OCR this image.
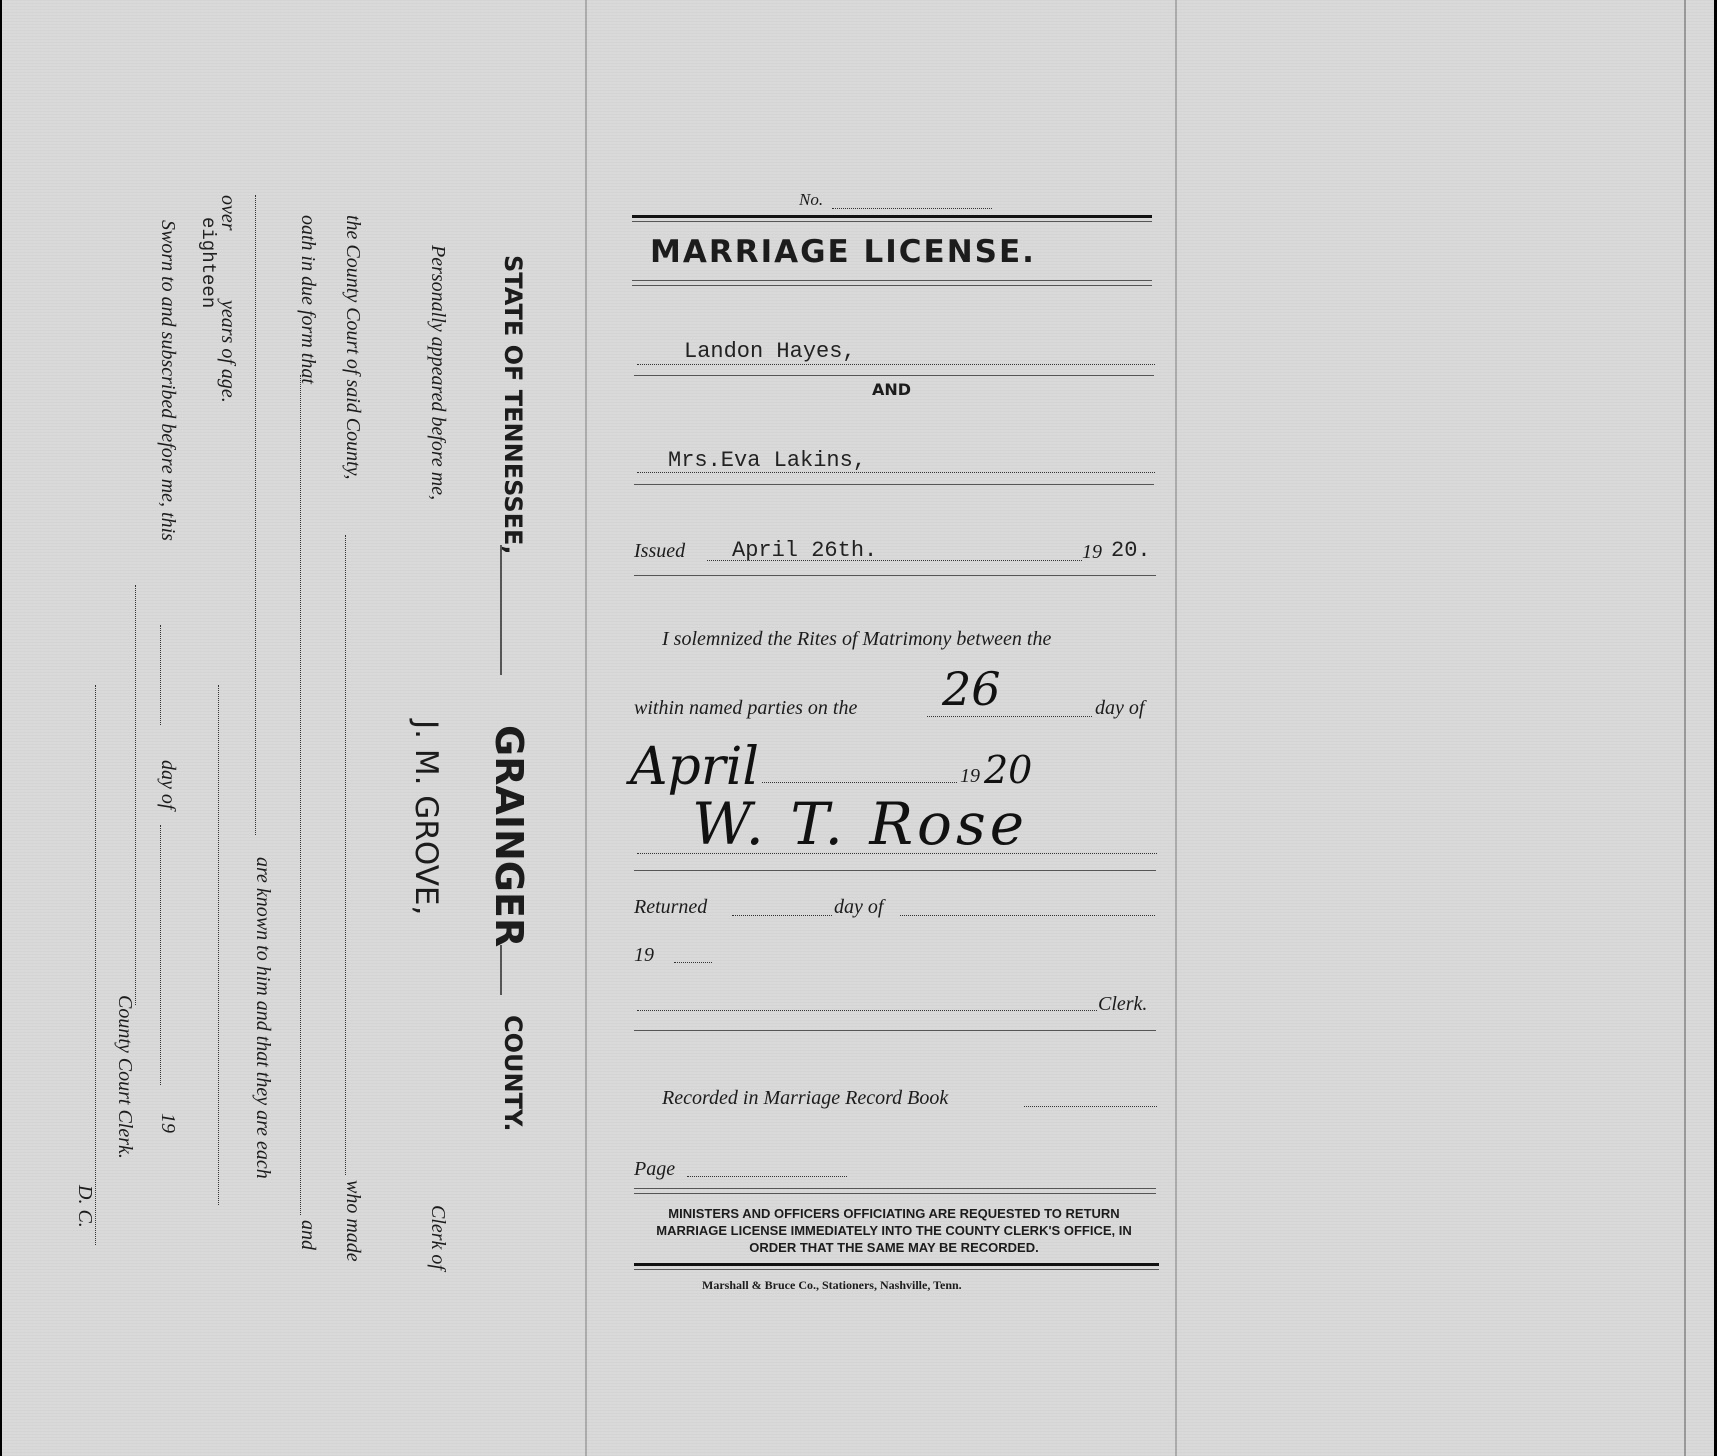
No.
MARRIAGE LICENSE.
Landon Hayes,
AND
Mrs.Eva Lakins,
Issued April 26th.	19 20.
I solemnized the Rites of Matrimony between the
within named parties on the 26	day of
April	19 20
W. T. Rose
Returned	day of
19
Clerk.
Recorded in Marriage Record Book
Page
MINISTERS AND OFFICERS OFFICIATING ARE REQUESTED TO RETURN MARRIAGE LICENSE IMMEDIATELY INTO THE COUNTY CLERK'S OFFICE, IN ORDER THAT THE SAME MAY BE RECORDED.
Marshall & Bruce Co., Stationers, Nashville, Tenn.
STATE OF TENNESSEE,
GRAINGER
COUNTY.
Personally appeared before me,
J. M. GROVE,
Clerk of
the County Court of said County,
who made
oath in due form that
and
are known to him and that they are each
over
eighteen
years of age.
Sworn to and subscribed before me, this
day of
19
County Court Clerk.
D. C.
